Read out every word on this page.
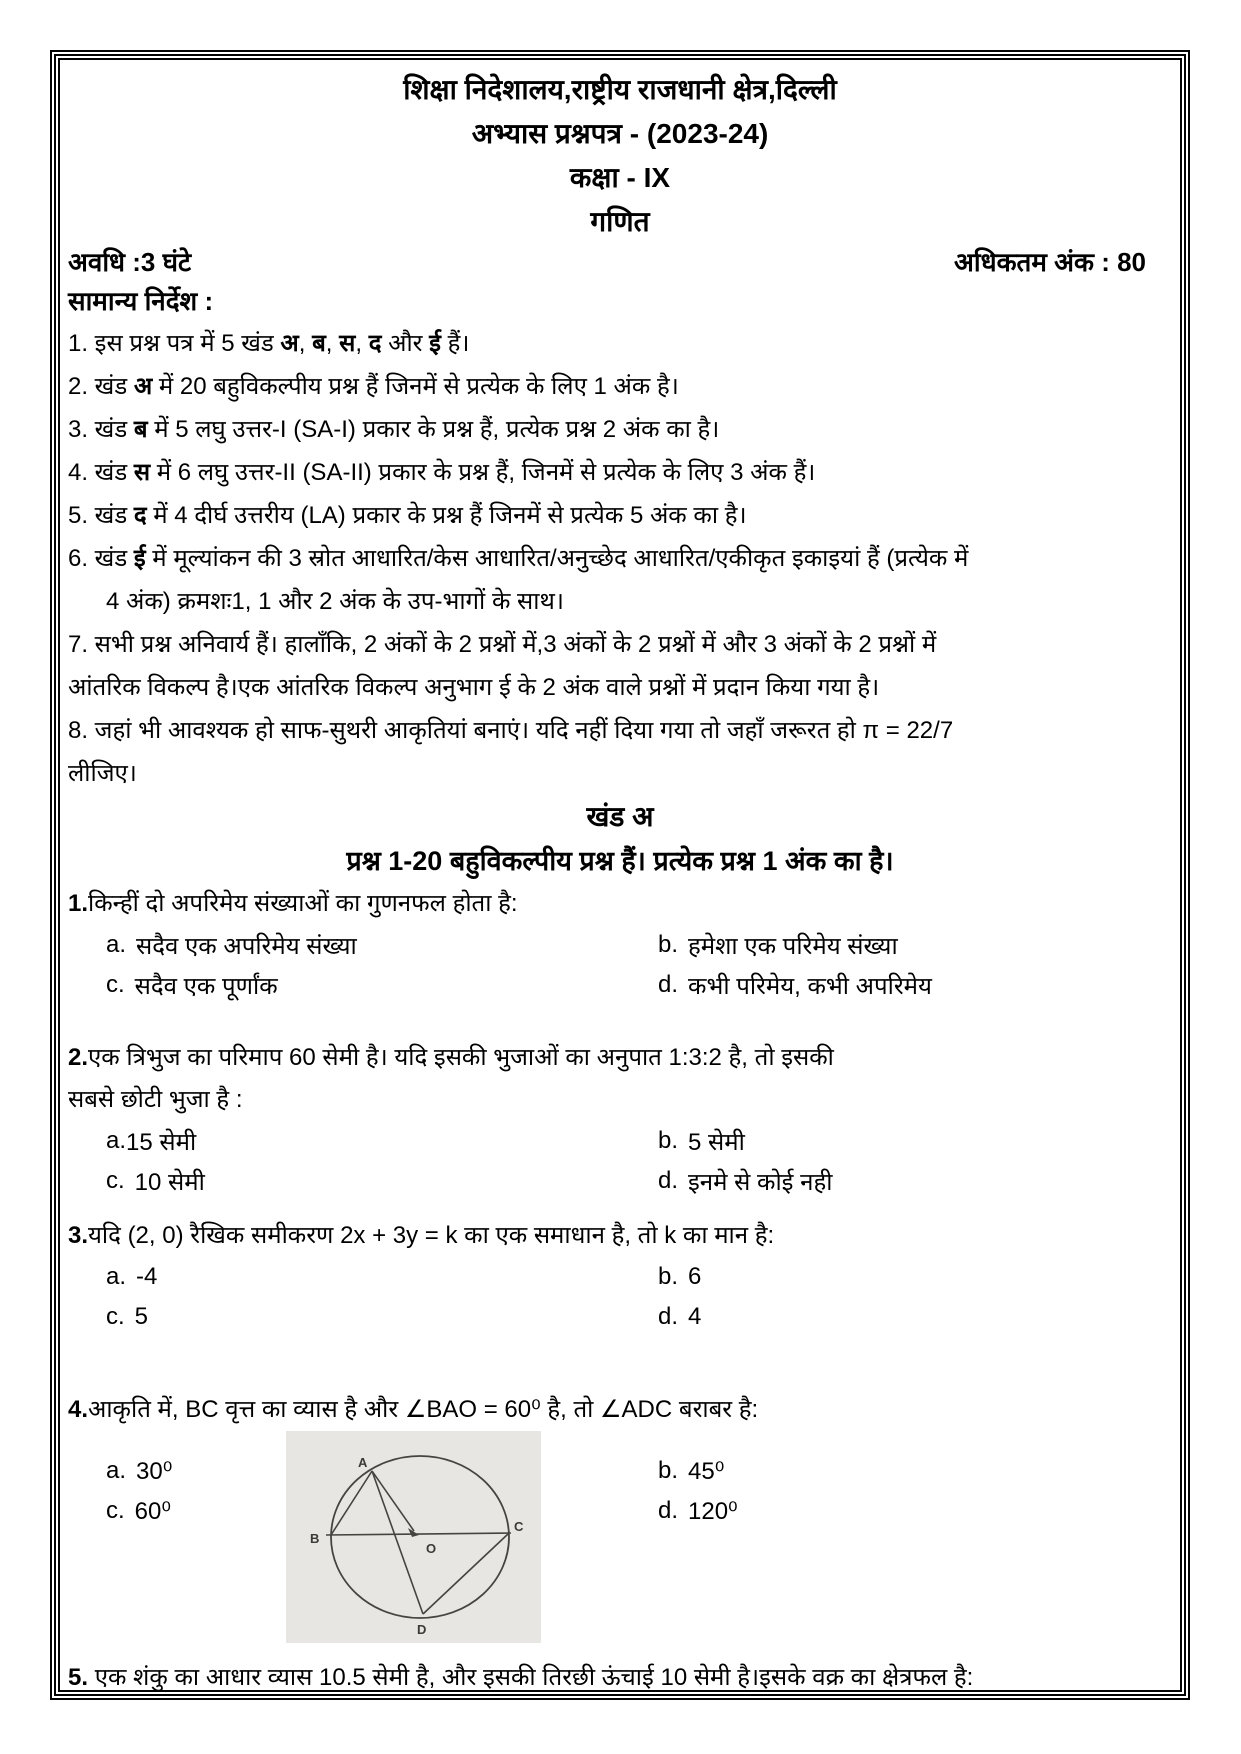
शिक्षा निदेशालय,राष्ट्रीय राजधानी क्षेत्र,दिल्ली
अभ्यास प्रश्नपत्र - (2023-24)
कक्षा - IX
गणित
अवधि :3 घंटे	अधिकतम अंक : 80
सामान्य निर्देश :
1. इस प्रश्न पत्र में 5 खंड अ, ब, स, द और ई हैं।
2. खंड अ में 20 बहुविकल्पीय प्रश्न हैं जिनमें से प्रत्येक के लिए 1 अंक है।
3. खंड ब में 5 लघु उत्तर-I (SA-I) प्रकार के प्रश्न हैं, प्रत्येक प्रश्न 2 अंक का है।
4. खंड स में 6 लघु उत्तर-II (SA-II) प्रकार के प्रश्न हैं, जिनमें से प्रत्येक के लिए 3 अंक हैं।
5. खंड द में 4 दीर्घ उत्तरीय (LA) प्रकार के प्रश्न हैं जिनमें से प्रत्येक 5 अंक का है।
6. खंड ई में मूल्यांकन की 3 स्रोत आधारित/केस आधारित/अनुच्छेद आधारित/एकीकृत इकाइयां हैं (प्रत्येक में
4 अंक) क्रमशः1, 1 और 2 अंक के उप-भागों के साथ।
7. सभी प्रश्न अनिवार्य हैं। हालाँकि, 2 अंकों के 2 प्रश्नों में,3 अंकों के 2 प्रश्नों में और 3 अंकों के 2 प्रश्नों में
आंतरिक विकल्प है।एक आंतरिक विकल्प अनुभाग ई के 2 अंक वाले प्रश्नों में प्रदान किया गया है।
8. जहां भी आवश्यक हो साफ-सुथरी आकृतियां बनाएं। यदि नहीं दिया गया तो जहाँ जरूरत हो π = 22/7
लीजिए।
खंड अ
प्रश्न 1-20 बहुविकल्पीय प्रश्न हैं। प्रत्येक प्रश्न 1 अंक का है।
1.किन्हीं दो अपरिमेय संख्याओं का गुणनफल होता है:
a. सदैव एक अपरिमेय संख्या	b. हमेशा एक परिमेय संख्या
c. सदैव एक पूर्णांक	d. कभी परिमेय, कभी अपरिमेय
2.एक त्रिभुज का परिमाप 60 सेमी है। यदि इसकी भुजाओं का अनुपात 1:3:2 है, तो इसकी
सबसे छोटी भुजा है :
a. 15 सेमी	b. 5 सेमी
c. 10 सेमी	d. इनमे से कोई नही
3.यदि (2, 0) रैखिक समीकरण 2x + 3y = k का एक समाधान है, तो k का मान है:
a. -4	b. 6
c. 5	d. 4
4.आकृति में, BC वृत्त का व्यास है और ∠BAO = 60⁰ है, तो ∠ADC बराबर है:
a. 30⁰	b. 45⁰
c. 60⁰	d. 120⁰
A
B
C
D
O
5. एक शंकु का आधार व्यास 10.5 सेमी है, और इसकी तिरछी ऊंचाई 10 सेमी है।इसके वक्र का क्षेत्रफल है:
